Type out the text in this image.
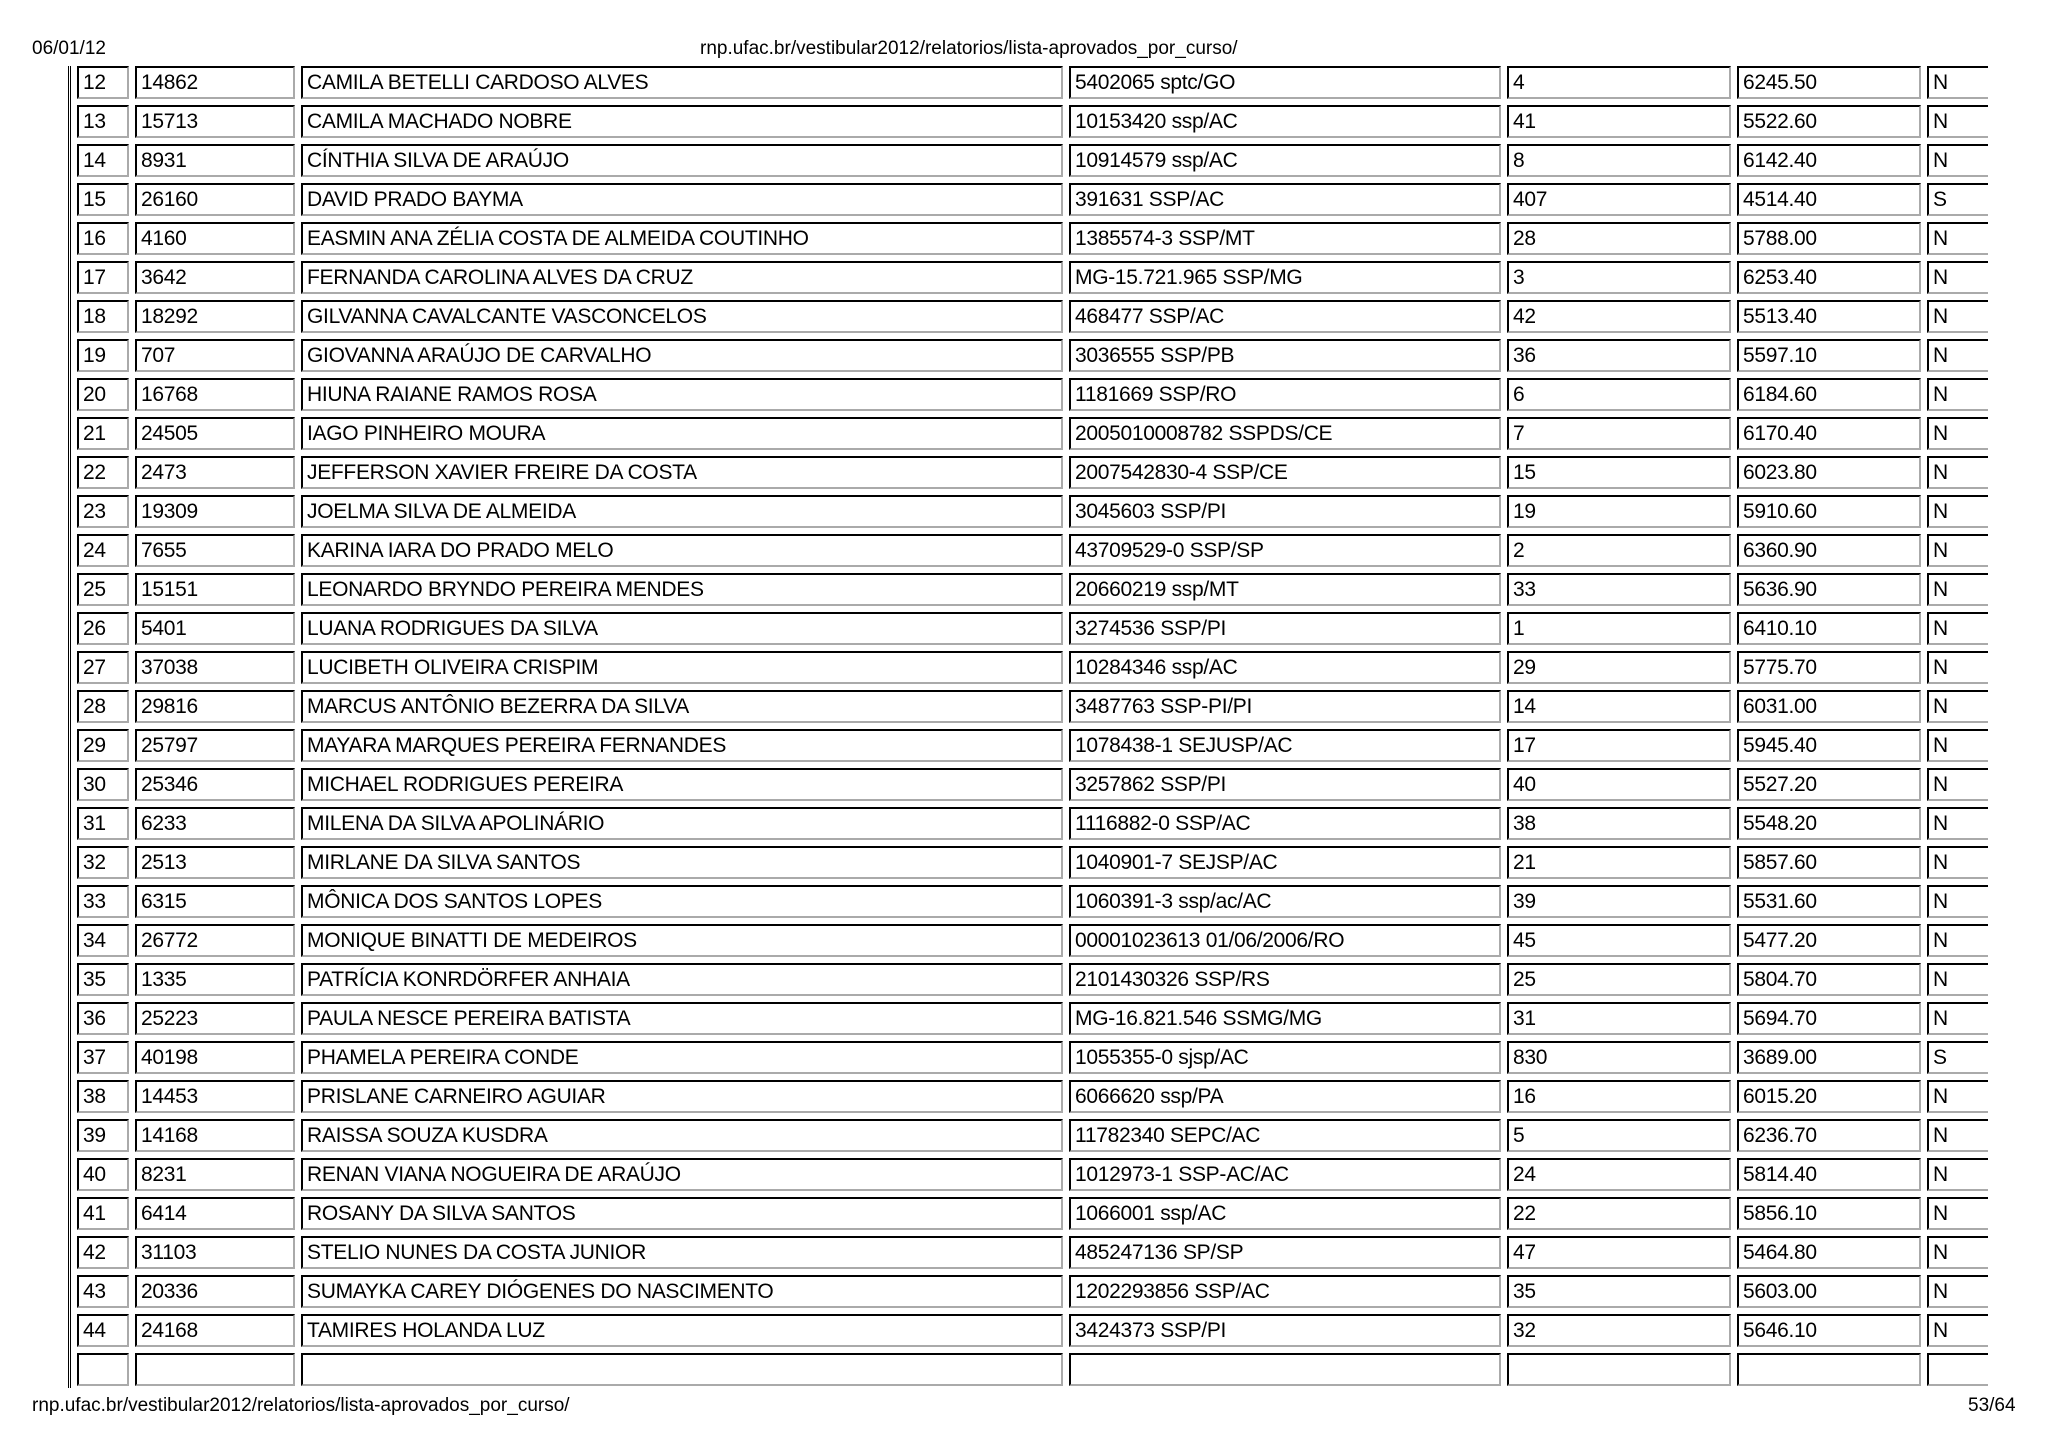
06/01/12	rnp.ufac.br/vestibular2012/relatorios/lista-aprovados_por_curso/
12	14862	CAMILA BETELLI CARDOSO ALVES	5402065 sptc/GO	4	6245.50	N
13	15713	CAMILA MACHADO NOBRE	10153420 ssp/AC	41	5522.60	N
14	8931	CÍNTHIA SILVA DE ARAÚJO	10914579 ssp/AC	8	6142.40	N
15	26160	DAVID PRADO BAYMA	391631 SSP/AC	407	4514.40	S
16	4160	EASMIN ANA ZÉLIA COSTA DE ALMEIDA COUTINHO	1385574-3 SSP/MT	28	5788.00	N
17	3642	FERNANDA CAROLINA ALVES DA CRUZ	MG-15.721.965 SSP/MG	3	6253.40	N
18	18292	GILVANNA CAVALCANTE VASCONCELOS	468477 SSP/AC	42	5513.40	N
19	707	GIOVANNA ARAÚJO DE CARVALHO	3036555 SSP/PB	36	5597.10	N
20	16768	HIUNA RAIANE RAMOS ROSA	1181669 SSP/RO	6	6184.60	N
21	24505	IAGO PINHEIRO MOURA	2005010008782 SSPDS/CE	7	6170.40	N
22	2473	JEFFERSON XAVIER FREIRE DA COSTA	2007542830-4 SSP/CE	15	6023.80	N
23	19309	JOELMA SILVA DE ALMEIDA	3045603 SSP/PI	19	5910.60	N
24	7655	KARINA IARA DO PRADO MELO	43709529-0 SSP/SP	2	6360.90	N
25	15151	LEONARDO BRYNDO PEREIRA MENDES	20660219 ssp/MT	33	5636.90	N
26	5401	LUANA RODRIGUES DA SILVA	3274536 SSP/PI	1	6410.10	N
27	37038	LUCIBETH OLIVEIRA CRISPIM	10284346 ssp/AC	29	5775.70	N
28	29816	MARCUS ANTÔNIO BEZERRA DA SILVA	3487763 SSP-PI/PI	14	6031.00	N
29	25797	MAYARA MARQUES PEREIRA FERNANDES	1078438-1 SEJUSP/AC	17	5945.40	N
30	25346	MICHAEL RODRIGUES PEREIRA	3257862 SSP/PI	40	5527.20	N
31	6233	MILENA DA SILVA APOLINÁRIO	1116882-0 SSP/AC	38	5548.20	N
32	2513	MIRLANE DA SILVA SANTOS	1040901-7 SEJSP/AC	21	5857.60	N
33	6315	MÔNICA DOS SANTOS LOPES	1060391-3 ssp/ac/AC	39	5531.60	N
34	26772	MONIQUE BINATTI DE MEDEIROS	00001023613 01/06/2006/RO	45	5477.20	N
35	1335	PATRÍCIA KONRDÖRFER ANHAIA	2101430326 SSP/RS	25	5804.70	N
36	25223	PAULA NESCE PEREIRA BATISTA	MG-16.821.546 SSMG/MG	31	5694.70	N
37	40198	PHAMELA PEREIRA CONDE	1055355-0 sjsp/AC	830	3689.00	S
38	14453	PRISLANE CARNEIRO AGUIAR	6066620 ssp/PA	16	6015.20	N
39	14168	RAISSA SOUZA KUSDRA	11782340 SEPC/AC	5	6236.70	N
40	8231	RENAN VIANA NOGUEIRA DE ARAÚJO	1012973-1 SSP-AC/AC	24	5814.40	N
41	6414	ROSANY DA SILVA SANTOS	1066001 ssp/AC	22	5856.10	N
42	31103	STELIO NUNES DA COSTA JUNIOR	485247136 SP/SP	47	5464.80	N
43	20336	SUMAYKA CAREY DIÓGENES DO NASCIMENTO	1202293856 SSP/AC	35	5603.00	N
44	24168	TAMIRES HOLANDA LUZ	3424373 SSP/PI	32	5646.10	N

rnp.ufac.br/vestibular2012/relatorios/lista-aprovados_por_curso/	53/64
